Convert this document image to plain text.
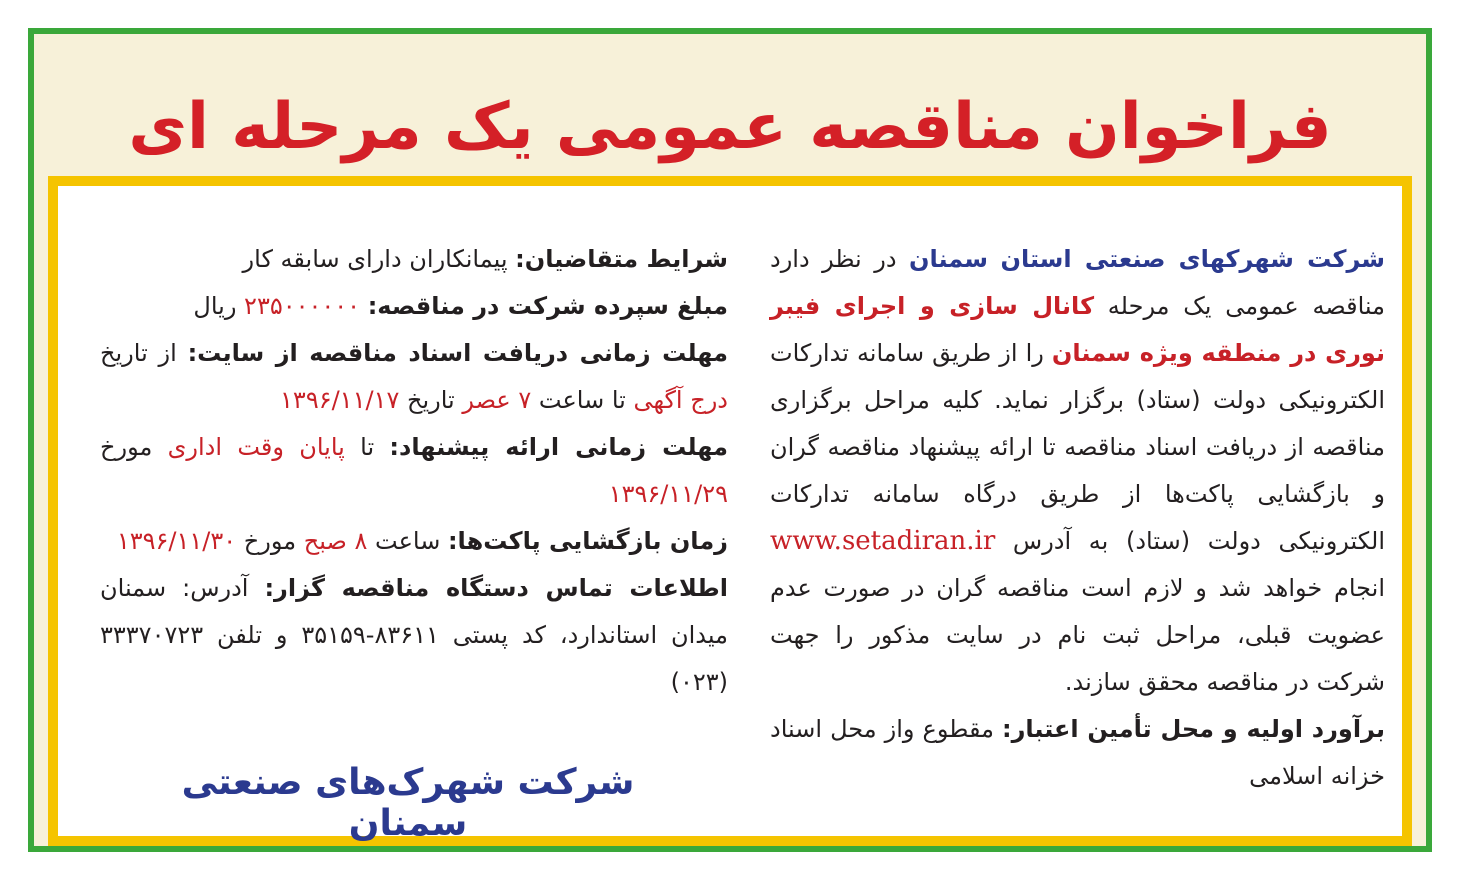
فراخوان مناقصه عمومی یک مرحله ای

شرکت شهرکهای صنعتی استان سمنان در نظر دارد مناقصه عمومی یک مرحله کانال سازی و اجرای فیبر نوری در منطقه ویژه سمنان را از طریق سامانه تدارکات الکترونیکی دولت (ستاد) برگزار نماید. کلیه مراحل برگزاری مناقصه از دریافت اسناد مناقصه تا ارائه پیشنهاد مناقصه گران و بازگشایی پاکت‌ها از طریق درگاه سامانه تدارکات الکترونیکی دولت (ستاد) به آدرس www.setadiran.ir انجام خواهد شد و لازم است مناقصه گران در صورت عدم عضویت قبلی، مراحل ثبت نام در سایت مذکور را جهت شرکت در مناقصه محقق سازند.

برآورد اولیه و محل تأمین اعتبار: مقطوع واز محل اسناد خزانه اسلامی

شرایط متقاضیان: پیمانکاران دارای سابقه کار

مبلغ سپرده شرکت در مناقصه: ۲۳۵۰۰۰۰۰۰ ریال

مهلت زمانی دریافت اسناد مناقصه از سایت: از تاریخ درج آگهی تا ساعت ۷ عصر تاریخ ۱۳۹۶/۱۱/۱۷

مهلت زمانی ارائه پیشنهاد: تا پایان وقت اداری مورخ ۱۳۹۶/۱۱/۲۹

زمان بازگشایی پاکت‌ها: ساعت ۸ صبح مورخ ۱۳۹۶/۱۱/۳۰

اطلاعات تماس دستگاه مناقصه گزار: آدرس: سمنان میدان استاندارد، کد پستی ۸۳۶۱۱-۳۵۱۵۹ و تلفن ۳۳۳۷۰۷۲۳ (۰۲۳)

شرکت شهرک‌های صنعتی سمنان
